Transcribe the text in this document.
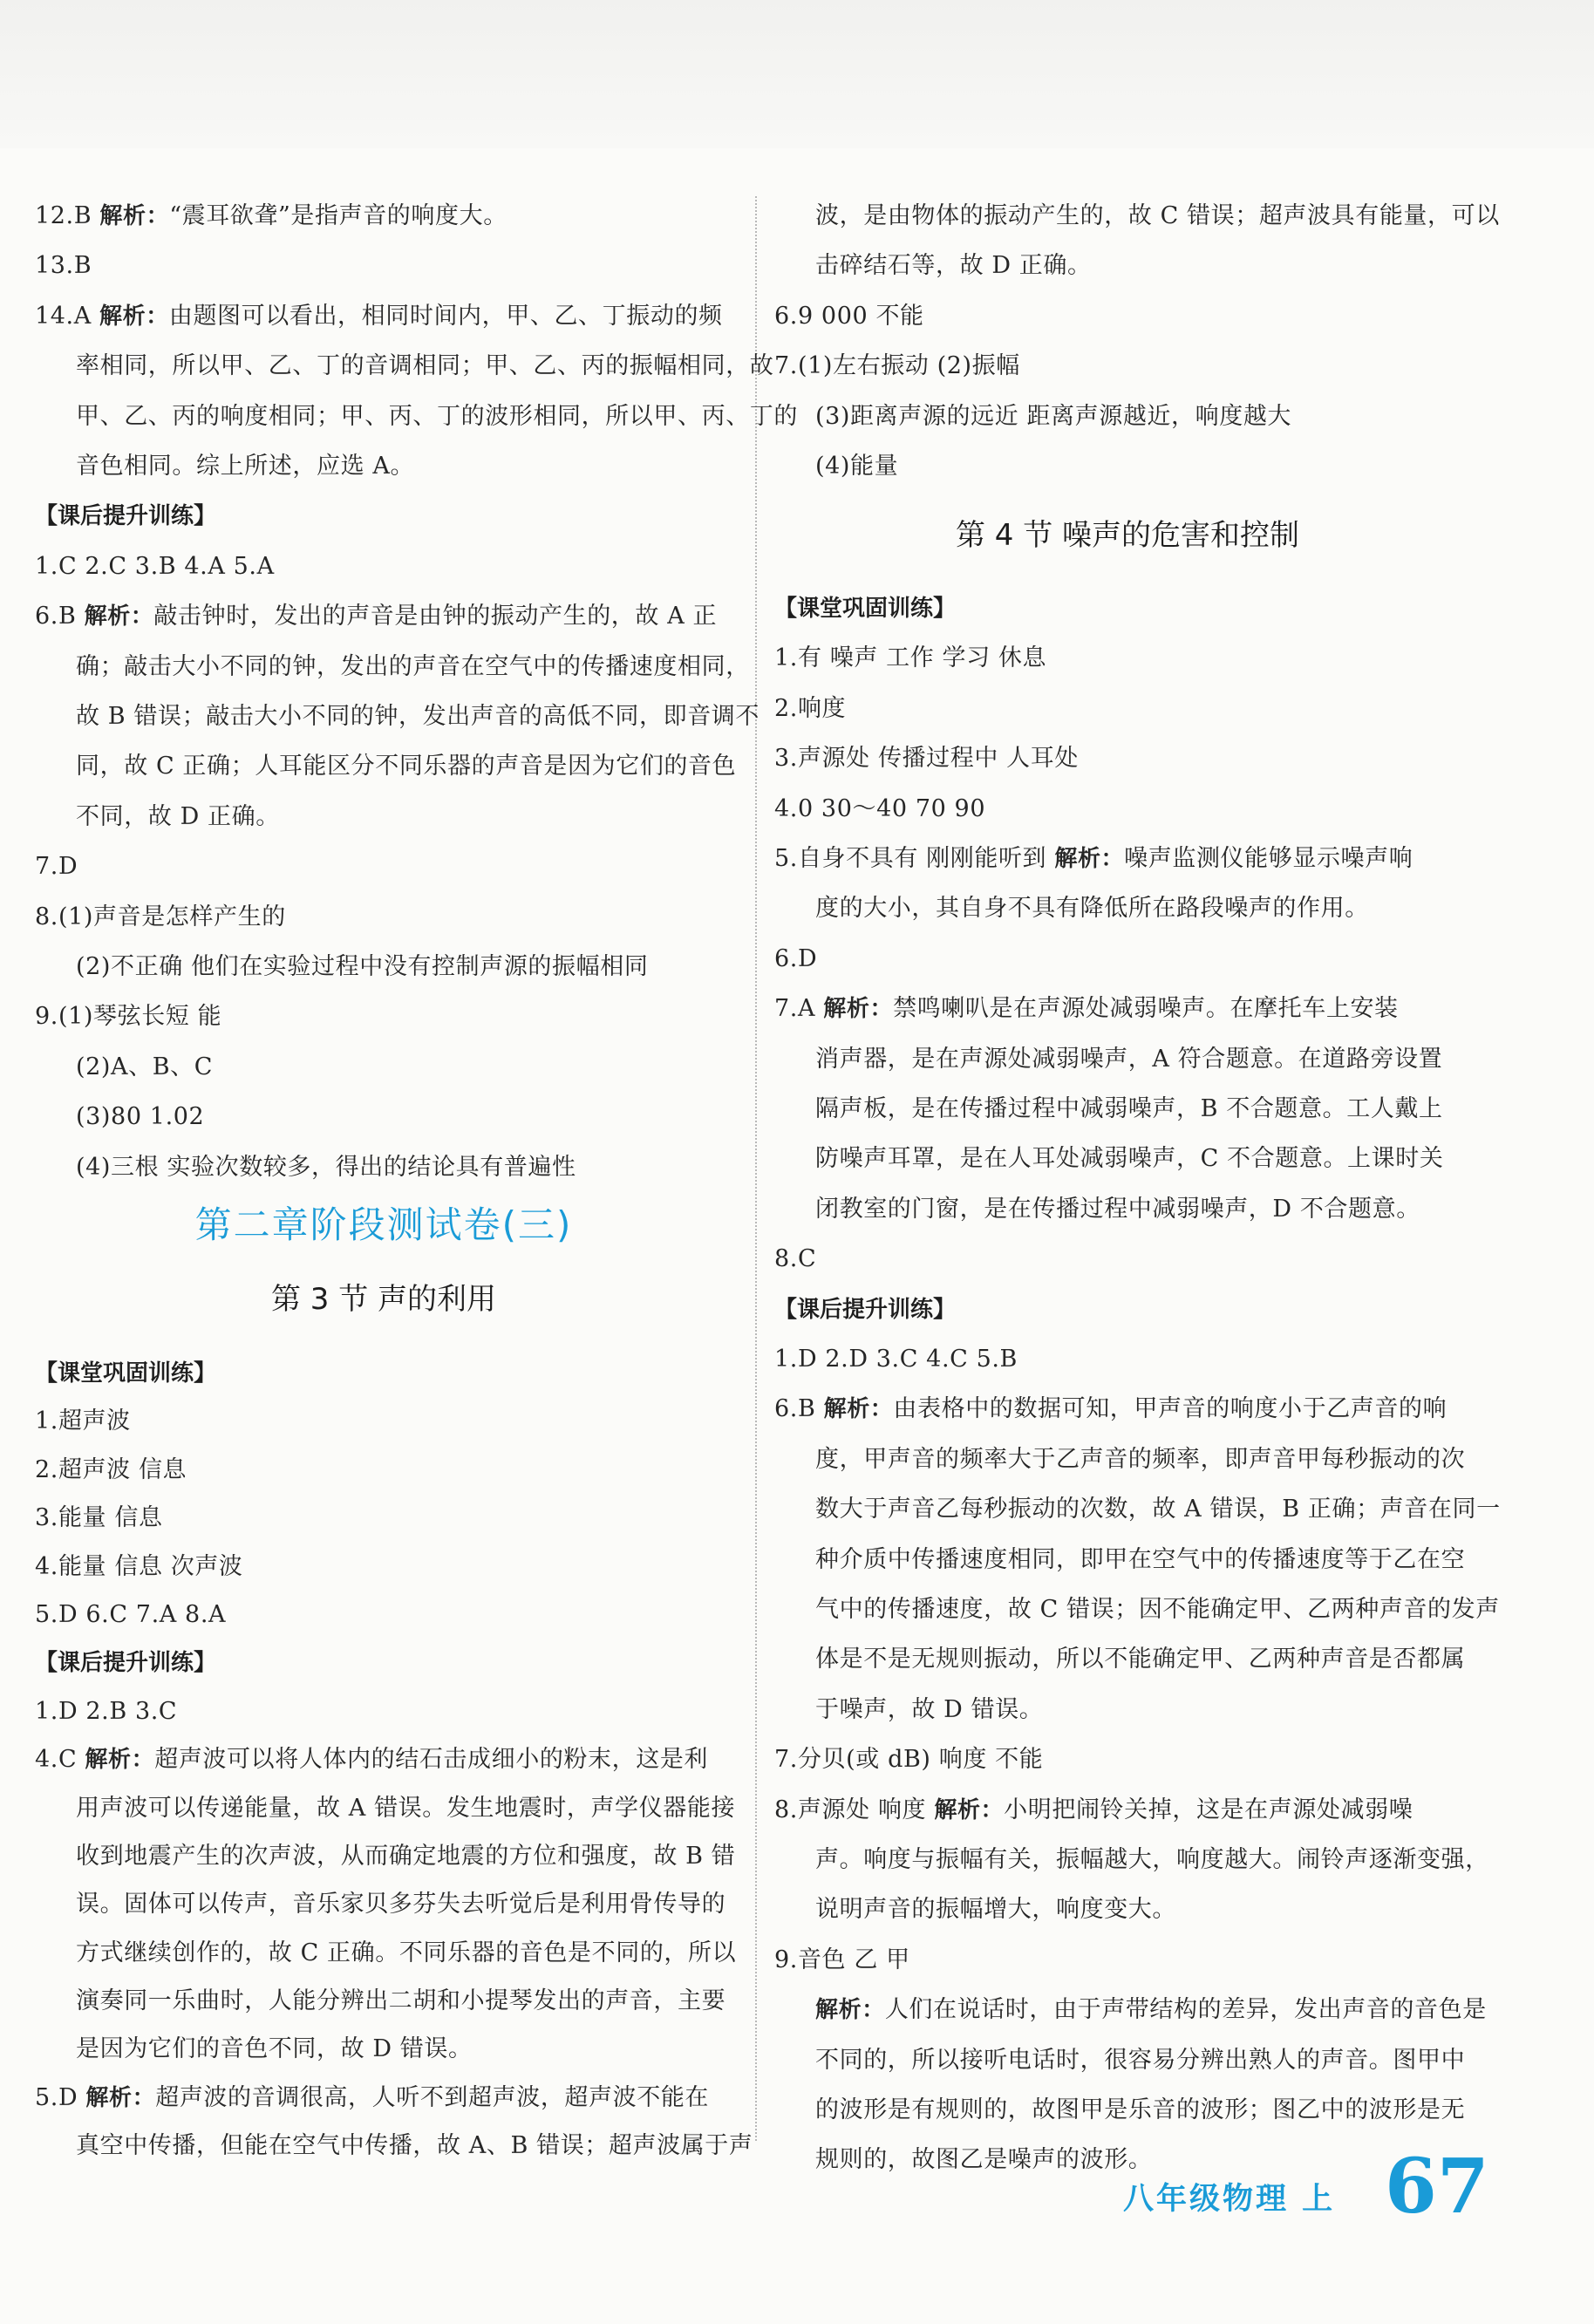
12.B 解析：“震耳欲聋”是指声音的响度大。
13.B
14.A 解析：由题图可以看出，相同时间内，甲、乙、丁振动的频
率相同，所以甲、乙、丁的音调相同；甲、乙、丙的振幅相同，故
甲、乙、丙的响度相同；甲、丙、丁的波形相同，所以甲、丙、丁的
音色相同。综上所述，应选 A。
【课后提升训练】
1.C 2.C 3.B 4.A 5.A
6.B 解析：敲击钟时，发出的声音是由钟的振动产生的，故 A 正
确；敲击大小不同的钟，发出的声音在空气中的传播速度相同，
故 B 错误；敲击大小不同的钟，发出声音的高低不同，即音调不
同，故 C 正确；人耳能区分不同乐器的声音是因为它们的音色
不同，故 D 正确。
7.D
8.(1)声音是怎样产生的
(2)不正确 他们在实验过程中没有控制声源的振幅相同
9.(1)琴弦长短 能
(2)A、B、C
(3)80 1.02
(4)三根 实验次数较多，得出的结论具有普遍性
第二章阶段测试卷(三)
第 3 节 声的利用
【课堂巩固训练】
1.超声波
2.超声波 信息
3.能量 信息
4.能量 信息 次声波
5.D 6.C 7.A 8.A
【课后提升训练】
1.D 2.B 3.C
4.C 解析：超声波可以将人体内的结石击成细小的粉末，这是利
用声波可以传递能量，故 A 错误。发生地震时，声学仪器能接
收到地震产生的次声波，从而确定地震的方位和强度，故 B 错
误。固体可以传声，音乐家贝多芬失去听觉后是利用骨传导的
方式继续创作的，故 C 正确。不同乐器的音色是不同的，所以
演奏同一乐曲时，人能分辨出二胡和小提琴发出的声音，主要
是因为它们的音色不同，故 D 错误。
5.D 解析：超声波的音调很高，人听不到超声波，超声波不能在
真空中传播，但能在空气中传播，故 A、B 错误；超声波属于声
波，是由物体的振动产生的，故 C 错误；超声波具有能量，可以
击碎结石等，故 D 正确。
6.9 000 不能
7.(1)左右振动 (2)振幅
(3)距离声源的远近 距离声源越近，响度越大
(4)能量
第 4 节 噪声的危害和控制
【课堂巩固训练】
1.有 噪声 工作 学习 休息
2.响度
3.声源处 传播过程中 人耳处
4.0 30～40 70 90
5.自身不具有 刚刚能听到 解析：噪声监测仪能够显示噪声响
度的大小，其自身不具有降低所在路段噪声的作用。
6.D
7.A 解析：禁鸣喇叭是在声源处减弱噪声。在摩托车上安装
消声器，是在声源处减弱噪声，A 符合题意。在道路旁设置
隔声板，是在传播过程中减弱噪声，B 不合题意。工人戴上
防噪声耳罩，是在人耳处减弱噪声，C 不合题意。上课时关
闭教室的门窗，是在传播过程中减弱噪声，D 不合题意。
8.C
【课后提升训练】
1.D 2.D 3.C 4.C 5.B
6.B 解析：由表格中的数据可知，甲声音的响度小于乙声音的响
度，甲声音的频率大于乙声音的频率，即声音甲每秒振动的次
数大于声音乙每秒振动的次数，故 A 错误，B 正确；声音在同一
种介质中传播速度相同，即甲在空气中的传播速度等于乙在空
气中的传播速度，故 C 错误；因不能确定甲、乙两种声音的发声
体是不是无规则振动，所以不能确定甲、乙两种声音是否都属
于噪声，故 D 错误。
7.分贝(或 dB) 响度 不能
8.声源处 响度 解析：小明把闹铃关掉，这是在声源处减弱噪
声。响度与振幅有关，振幅越大，响度越大。闹铃声逐渐变强，
说明声音的振幅增大，响度变大。
9.音色 乙 甲
解析：人们在说话时，由于声带结构的差异，发出声音的音色是
不同的，所以接听电话时，很容易分辨出熟人的声音。图甲中
的波形是有规则的，故图甲是乐音的波形；图乙中的波形是无
规则的，故图乙是噪声的波形。
八年级物理 上 67
